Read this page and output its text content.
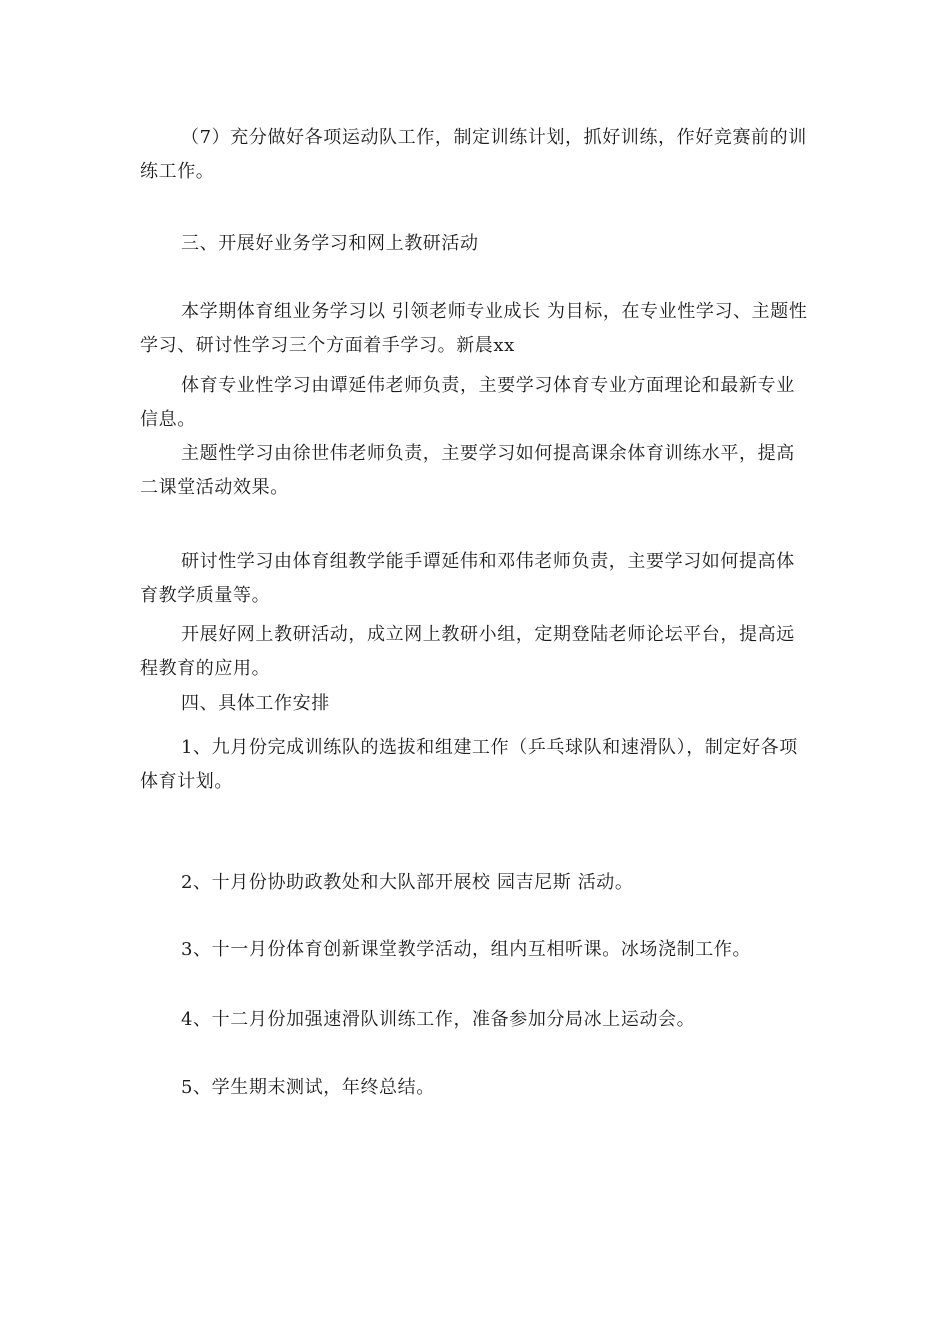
（7）充分做好各项运动队工作，制定训练计划，抓好训练，作好竞赛前的训练工作。

三、开展好业务学习和网上教研活动

本学期体育组业务学习以 引领老师专业成长 为目标，在专业性学习、主题性学习、研讨性学习三个方面着手学习。新晨xx

体育专业性学习由谭延伟老师负责，主要学习体育专业方面理论和最新专业信息。

主题性学习由徐世伟老师负责，主要学习如何提高课余体育训练水平，提高二课堂活动效果。

研讨性学习由体育组教学能手谭延伟和邓伟老师负责，主要学习如何提高体育教学质量等。

开展好网上教研活动，成立网上教研小组，定期登陆老师论坛平台，提高远程教育的应用。

四、具体工作安排

1、九月份完成训练队的选拔和组建工作（乒乓球队和速滑队），制定好各项体育计划。

2、十月份协助政教处和大队部开展校 园吉尼斯 活动。

3、十一月份体育创新课堂教学活动，组内互相听课。冰场浇制工作。

4、十二月份加强速滑队训练工作，准备参加分局冰上运动会。

5、学生期末测试，年终总结。
